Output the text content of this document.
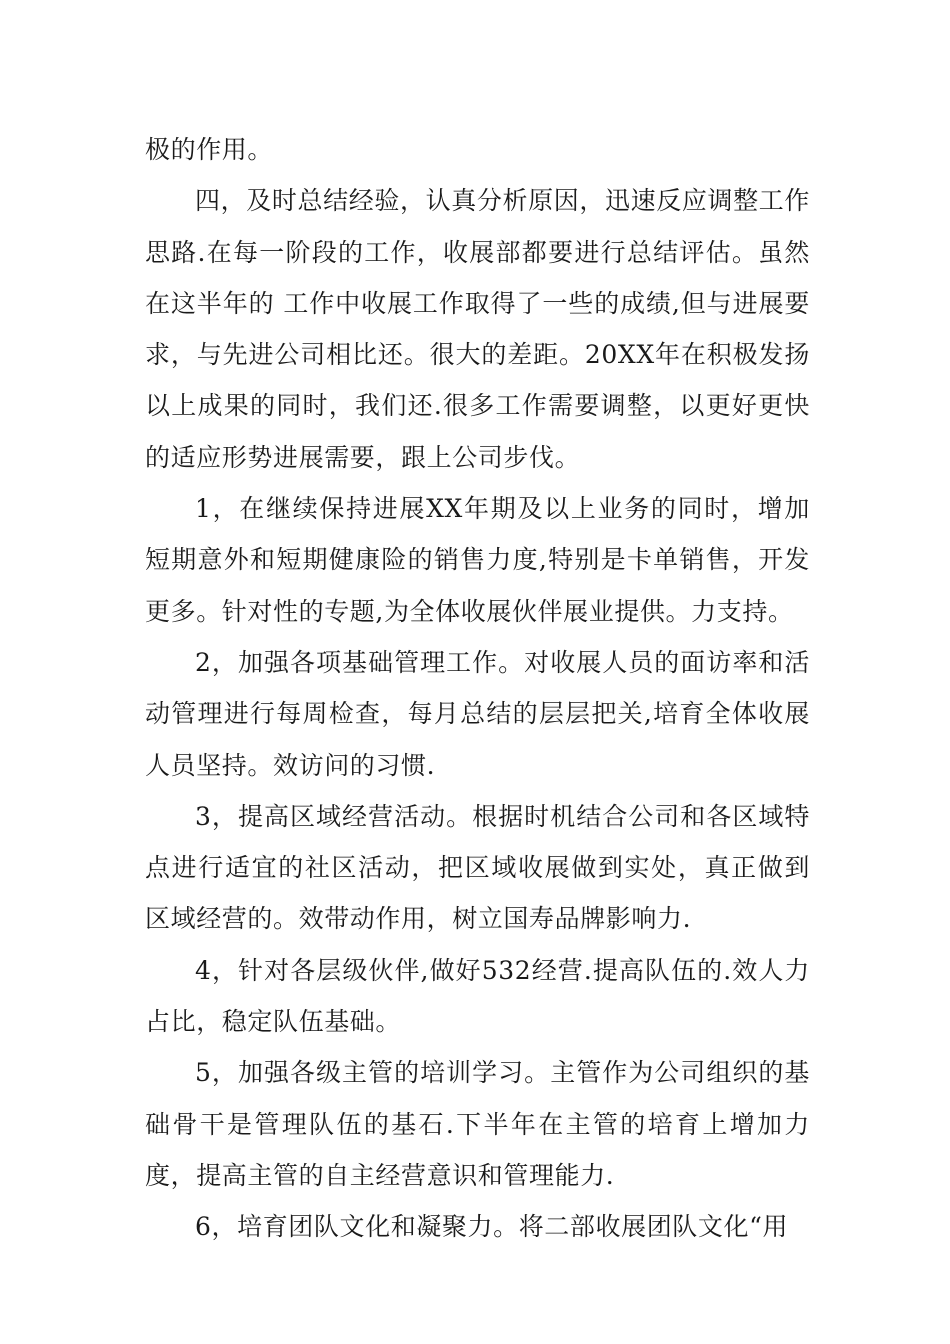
极的作用。

四，及时总结经验，认真分析原因，迅速反应调整工作思路.在每一阶段的工作，收展部都要进行总结评估。虽然在这半年的 工作中收展工作取得了一些的成绩,但与进展要求，与先进公司相比还。很大的差距。20XX年在积极发扬以上成果的同时，我们还.很多工作需要调整，以更好更快的适应形势进展需要，跟上公司步伐。

1，在继续保持进展XX年期及以上业务的同时，增加短期意外和短期健康险的销售力度,特别是卡单销售，开发更多。针对性的专题,为全体收展伙伴展业提供。力支持。

2，加强各项基础管理工作。对收展人员的面访率和活动管理进行每周检查，每月总结的层层把关,培育全体收展人员坚持。效访问的习惯.

3，提高区域经营活动。根据时机结合公司和各区域特点进行适宜的社区活动，把区域收展做到实处，真正做到区域经营的。效带动作用，树立国寿品牌影响力.

4，针对各层级伙伴,做好532经营.提高队伍的.效人力占比，稳定队伍基础。

5，加强各级主管的培训学习。主管作为公司组织的基础骨干是管理队伍的基石.下半年在主管的培育上增加力度，提高主管的自主经营意识和管理能力.

6，培育团队文化和凝聚力。将二部收展团队文化“用
